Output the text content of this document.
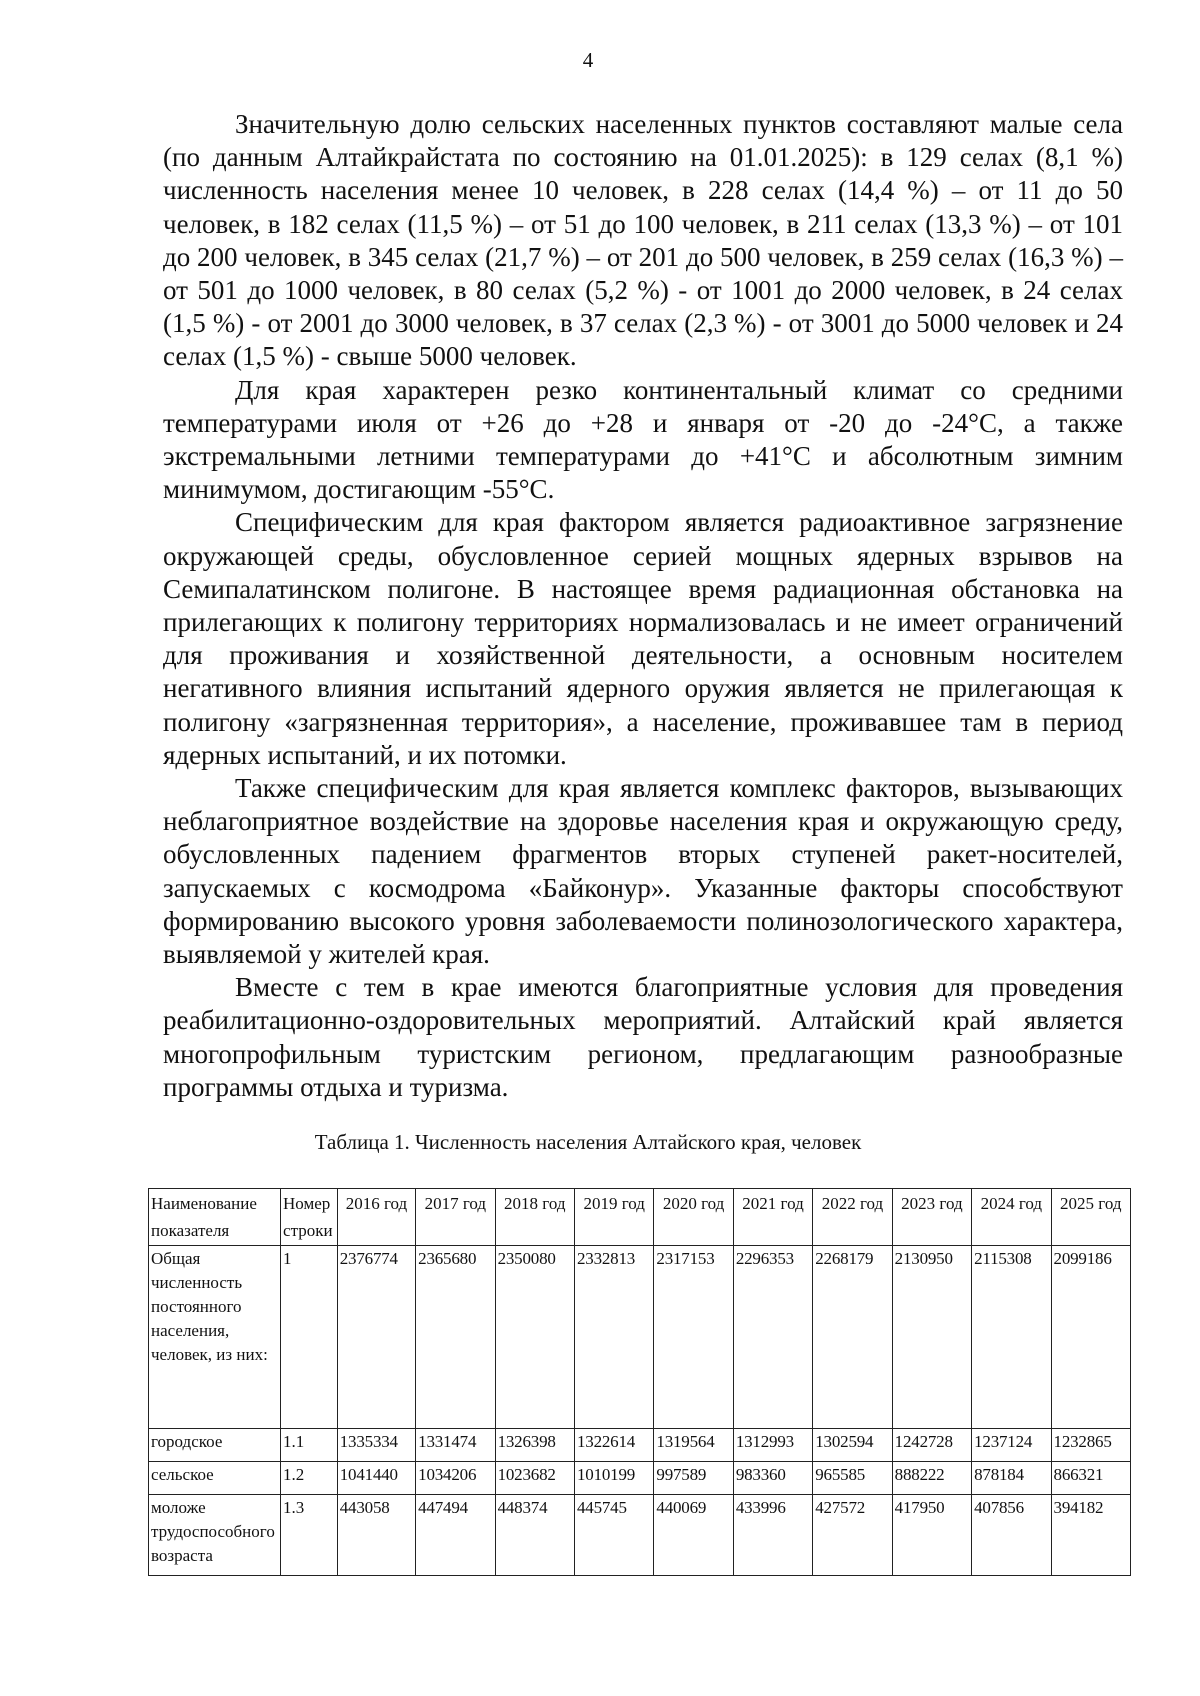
4

Значительную долю сельских населенных пунктов составляют малые села (по данным Алтайкрайстата по состоянию на 01.01.2025): в 129 селах (8,1 %) численность населения менее 10 человек, в 228 селах (14,4 %) – от 11 до 50 человек, в 182 селах (11,5 %) – от 51 до 100 человек, в 211 селах (13,3 %) – от 101 до 200 человек, в 345 селах (21,7 %) – от 201 до 500 человек, в 259 селах (16,3 %) – от 501 до 1000 человек, в 80 селах (5,2 %) - от 1001 до 2000 человек, в 24 селах (1,5 %) - от 2001 до 3000 человек, в 37 селах (2,3 %) - от 3001 до 5000 человек и 24 селах (1,5 %) - свыше 5000 человек.

Для края характерен резко континентальный климат со средними температурами июля от +26 до +28 и января от -20 до -24°С, а также экстремальными летними температурами до +41°С и абсолютным зимним минимумом, достигающим -55°С.

Специфическим для края фактором является радиоактивное загрязнение окружающей среды, обусловленное серией мощных ядерных взрывов на Семипалатинском полигоне. В настоящее время радиационная обстановка на прилегающих к полигону территориях нормализовалась и не имеет ограничений для проживания и хозяйственной деятельности, а основным носителем негативного влияния испытаний ядерного оружия является не прилегающая к полигону «загрязненная территория», а население, проживавшее там в период ядерных испытаний, и их потомки.

Также специфическим для края является комплекс факторов, вызывающих неблагоприятное воздействие на здоровье населения края и окружающую среду, обусловленных падением фрагментов вторых ступеней ракет-носителей, запускаемых с космодрома «Байконур». Указанные факторы способствуют формированию высокого уровня заболеваемости полинозологического характера, выявляемой у жителей края.

Вместе с тем в крае имеются благоприятные условия для проведения реабилитационно-оздоровительных мероприятий. Алтайский край является многопрофильным туристским регионом, предлагающим разнообразные программы отдыха и туризма.

Таблица 1. Численность населения Алтайского края, человек
Наименование показателя	Номер строки	2016 год	2017 год	2018 год	2019 год	2020 год	2021 год	2022 год	2023 год	2024 год	2025 год
Общая численность постоянного населения, человек, из них:	1	2376774	2365680	2350080	2332813	2317153	2296353	2268179	2130950	2115308	2099186
городское	1.1	1335334	1331474	1326398	1322614	1319564	1312993	1302594	1242728	1237124	1232865
сельское	1.2	1041440	1034206	1023682	1010199	997589	983360	965585	888222	878184	866321
моложе трудоспособного возраста	1.3	443058	447494	448374	445745	440069	433996	427572	417950	407856	394182
